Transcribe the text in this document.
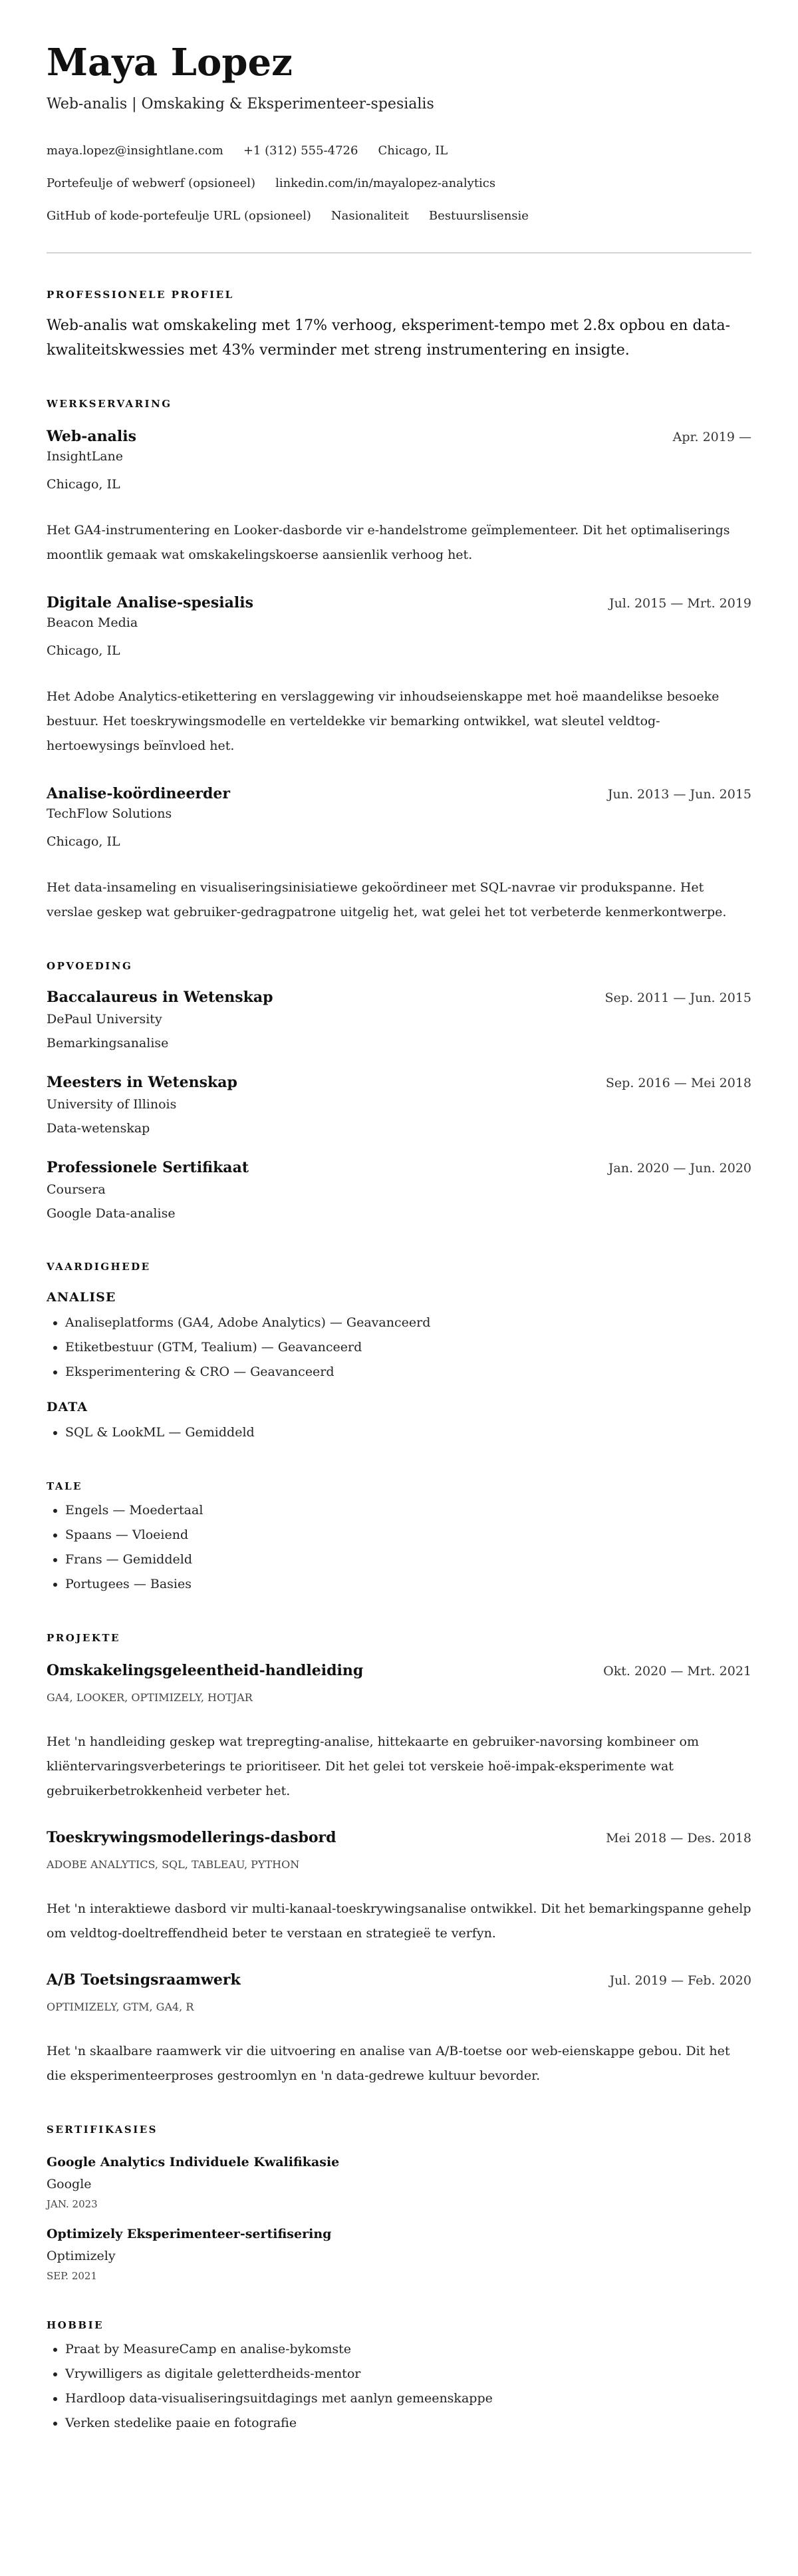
Maya Lopez
Web-analis | Omskaking & Eksperimenteer-spesialis
maya.lopez@insightlane.com +1 (312) 555-4726 Chicago, IL
Portefeulje of webwerf (opsioneel) linkedin.com/in/mayalopez-analytics
GitHub of kode-portefeulje URL (opsioneel) Nasionaliteit Bestuurslisensie
PROFESSIONELE PROFIEL
Web-analis wat omskakeling met 17% verhoog, eksperiment-tempo met 2.8x opbou en data-kwaliteitskwessies met 43% verminder met streng instrumentering en insigte.
WERKSERVARING
Web-analis	Apr. 2019 —
InsightLane
Chicago, IL
Het GA4-instrumentering en Looker-dasborde vir e-handelstrome geïmplementeer. Dit het optimaliserings moontlik gemaak wat omskakelingskoerse aansienlik verhoog het.
Digitale Analise-spesialis	Jul. 2015 — Mrt. 2019
Beacon Media
Chicago, IL
Het Adobe Analytics-etikettering en verslaggewing vir inhoudseienskappe met hoë maandelikse besoeke bestuur. Het toeskrywingsmodelle en verteldekke vir bemarking ontwikkel, wat sleutel veldtog-hertoewysings beïnvloed het.
Analise-koördineerder	Jun. 2013 — Jun. 2015
TechFlow Solutions
Chicago, IL
Het data-insameling en visualiseringsinisiatiewe gekoördineer met SQL-navrae vir produkspanne. Het verslae geskep wat gebruiker-gedragpatrone uitgelig het, wat gelei het tot verbeterde kenmerkontwerpe.
OPVOEDING
Baccalaureus in Wetenskap	Sep. 2011 — Jun. 2015
DePaul University
Bemarkingsanalise
Meesters in Wetenskap	Sep. 2016 — Mei 2018
University of Illinois
Data-wetenskap
Professionele Sertifikaat	Jan. 2020 — Jun. 2020
Coursera
Google Data-analise
VAARDIGHEDE
ANALISE
• Analiseplatforms (GA4, Adobe Analytics) — Geavanceerd
• Etiketbestuur (GTM, Tealium) — Geavanceerd
• Eksperimentering & CRO — Geavanceerd
DATA
• SQL & LookML — Gemiddeld
TALE
• Engels — Moedertaal
• Spaans — Vloeiend
• Frans — Gemiddeld
• Portugees — Basies
PROJEKTE
Omskakelingsgeleentheid-handleiding	Okt. 2020 — Mrt. 2021
GA4, LOOKER, OPTIMIZELY, HOTJAR
Het 'n handleiding geskep wat trepregting-analise, hittekaarte en gebruiker-navorsing kombineer om kliëntervaringsverbeterings te prioritiseer. Dit het gelei tot verskeie hoë-impak-eksperimente wat gebruikerbetrokkenheid verbeter het.
Toeskrywingsmodellerings-dasbord	Mei 2018 — Des. 2018
ADOBE ANALYTICS, SQL, TABLEAU, PYTHON
Het 'n interaktiewe dasbord vir multi-kanaal-toeskrywingsanalise ontwikkel. Dit het bemarkingspanne gehelp om veldtog-doeltreffendheid beter te verstaan en strategieë te verfyn.
A/B Toetsingsraamwerk	Jul. 2019 — Feb. 2020
OPTIMIZELY, GTM, GA4, R
Het 'n skaalbare raamwerk vir die uitvoering en analise van A/B-toetse oor web-eienskappe gebou. Dit het die eksperimenteerproses gestroomlyn en 'n data-gedrewe kultuur bevorder.
SERTIFIKASIES
Google Analytics Individuele Kwalifikasie
Google
JAN. 2023
Optimizely Eksperimenteer-sertifisering
Optimizely
SEP. 2021
HOBBIE
• Praat by MeasureCamp en analise-bykomste
• Vrywilligers as digitale geletterdheids-mentor
• Hardloop data-visualiseringsuitdagings met aanlyn gemeenskappe
• Verken stedelike paaie en fotografie
